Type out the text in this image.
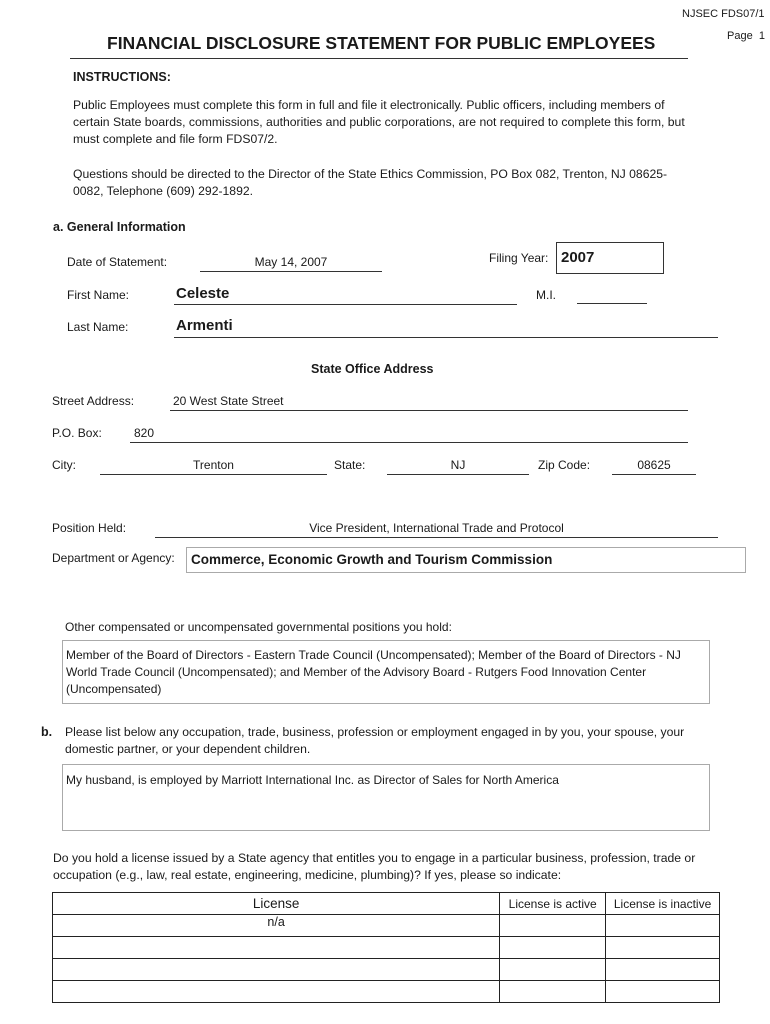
NJSEC FDS07/1
Page 1
FINANCIAL DISCLOSURE STATEMENT FOR PUBLIC EMPLOYEES
INSTRUCTIONS:

Public Employees must complete this form in full and file it electronically. Public officers, including members of certain State boards, commissions, authorities and public corporations, are not required to complete this form, but must complete and file form FDS07/2.

Questions should be directed to the Director of the State Ethics Commission, PO Box 082, Trenton, NJ 08625-0082, Telephone (609) 292-1892.

a. General Information
Date of Statement:	May 14, 2007	Filing Year: 2007
First Name:	Celeste	M.I.
Last Name:	Armenti
State Office Address
Street Address:	20 West State Street
P.O. Box:	820
City:	Trenton	State:	NJ	Zip Code:	08625
Position Held:	Vice President, International Trade and Protocol
Department or Agency: Commerce, Economic Growth and Tourism Commission
Other compensated or uncompensated governmental positions you hold:

Member of the Board of Directors - Eastern Trade Council (Uncompensated); Member of the Board of Directors - NJ World Trade Council (Uncompensated); and Member of the Advisory Board - Rutgers Food Innovation Center (Uncompensated)

b. Please list below any occupation, trade, business, profession or employment engaged in by you, your spouse, your domestic partner, or your dependent children.

My husband, is employed by Marriott International Inc. as Director of Sales for North America

Do you hold a license issued by a State agency that entitles you to engage in a particular business, profession, trade or occupation (e.g., law, real estate, engineering, medicine, plumbing)? If yes, please so indicate:

License	License is active	License is inactive
n/a		
